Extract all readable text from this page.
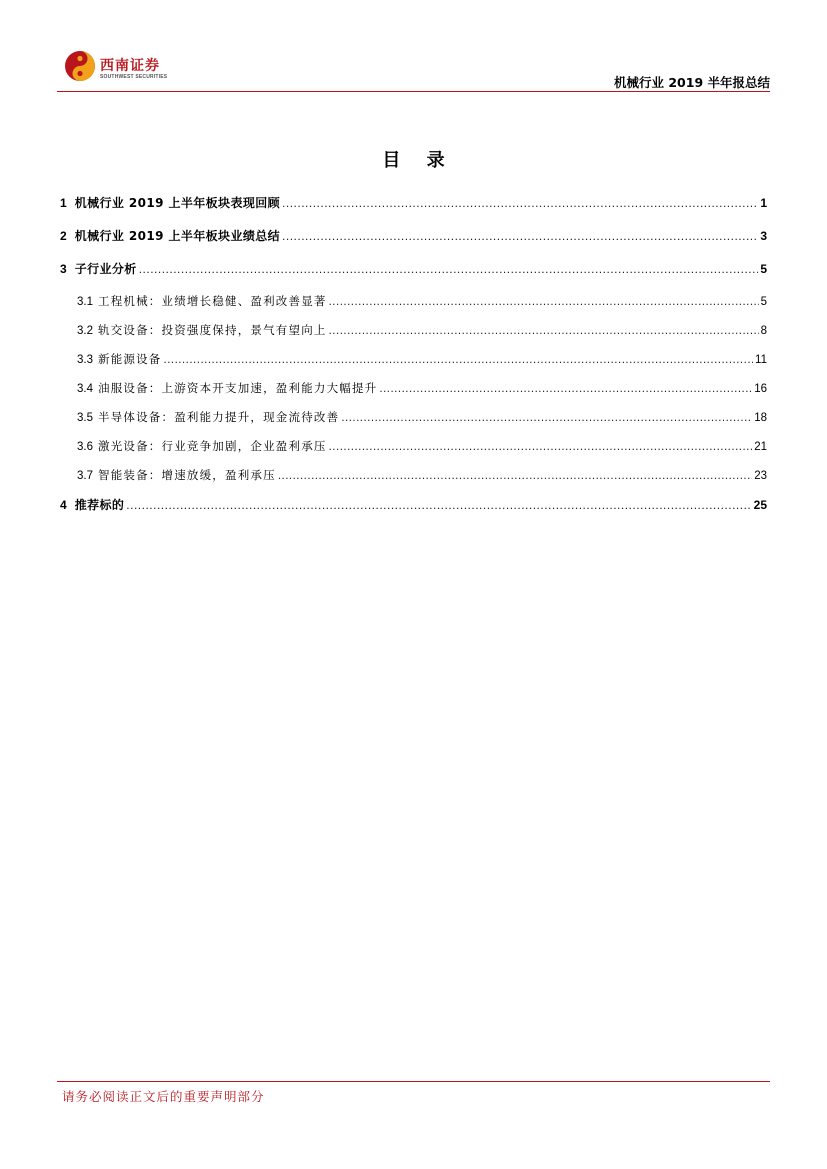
西南证券
SOUTHWEST SECURITIES	机械行业 2019 半年报总结
目 录
1 机械行业 2019 上半年板块表现回顾 .....	1
2 机械行业 2019 上半年板块业绩总结 .....	3
3 子行业分析 .....	5
3.1 工程机械：业绩增长稳健、盈利改善显著 .....	5
3.2 轨交设备：投资强度保持，景气有望向上 .....	8
3.3 新能源设备 .....	11
3.4 油服设备：上游资本开支加速，盈利能力大幅提升 .....	16
3.5 半导体设备：盈利能力提升，现金流待改善 .....	18
3.6 激光设备：行业竞争加剧，企业盈利承压 .....	21
3.7 智能装备：增速放缓，盈利承压 .....	23
4 推荐标的 .....	25
请务必阅读正文后的重要声明部分
